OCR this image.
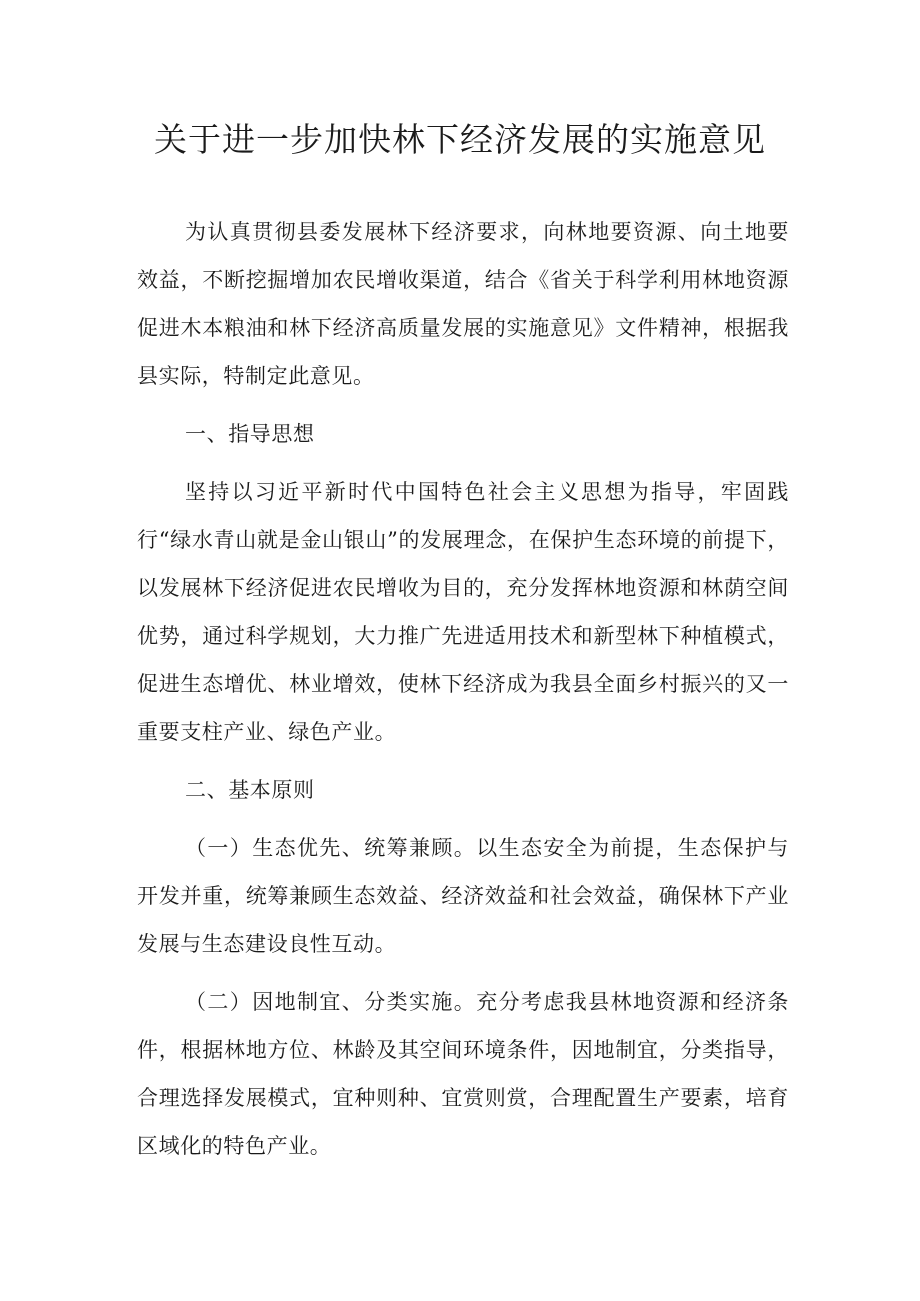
关于进一步加快林下经济发展的实施意见

为认真贯彻县委发展林下经济要求，向林地要资源、向土地要效益，不断挖掘增加农民增收渠道，结合《省关于科学利用林地资源促进木本粮油和林下经济高质量发展的实施意见》文件精神，根据我县实际，特制定此意见。

一、指导思想

坚持以习近平新时代中国特色社会主义思想为指导，牢固践行“绿水青山就是金山银山”的发展理念，在保护生态环境的前提下，以发展林下经济促进农民增收为目的，充分发挥林地资源和林荫空间优势，通过科学规划，大力推广先进适用技术和新型林下种植模式，促进生态增优、林业增效，使林下经济成为我县全面乡村振兴的又一重要支柱产业、绿色产业。

二、基本原则

（一）生态优先、统筹兼顾。以生态安全为前提，生态保护与开发并重，统筹兼顾生态效益、经济效益和社会效益，确保林下产业发展与生态建设良性互动。

（二）因地制宜、分类实施。充分考虑我县林地资源和经济条件，根据林地方位、林龄及其空间环境条件，因地制宜，分类指导，合理选择发展模式，宜种则种、宜赏则赏，合理配置生产要素，培育区域化的特色产业。
